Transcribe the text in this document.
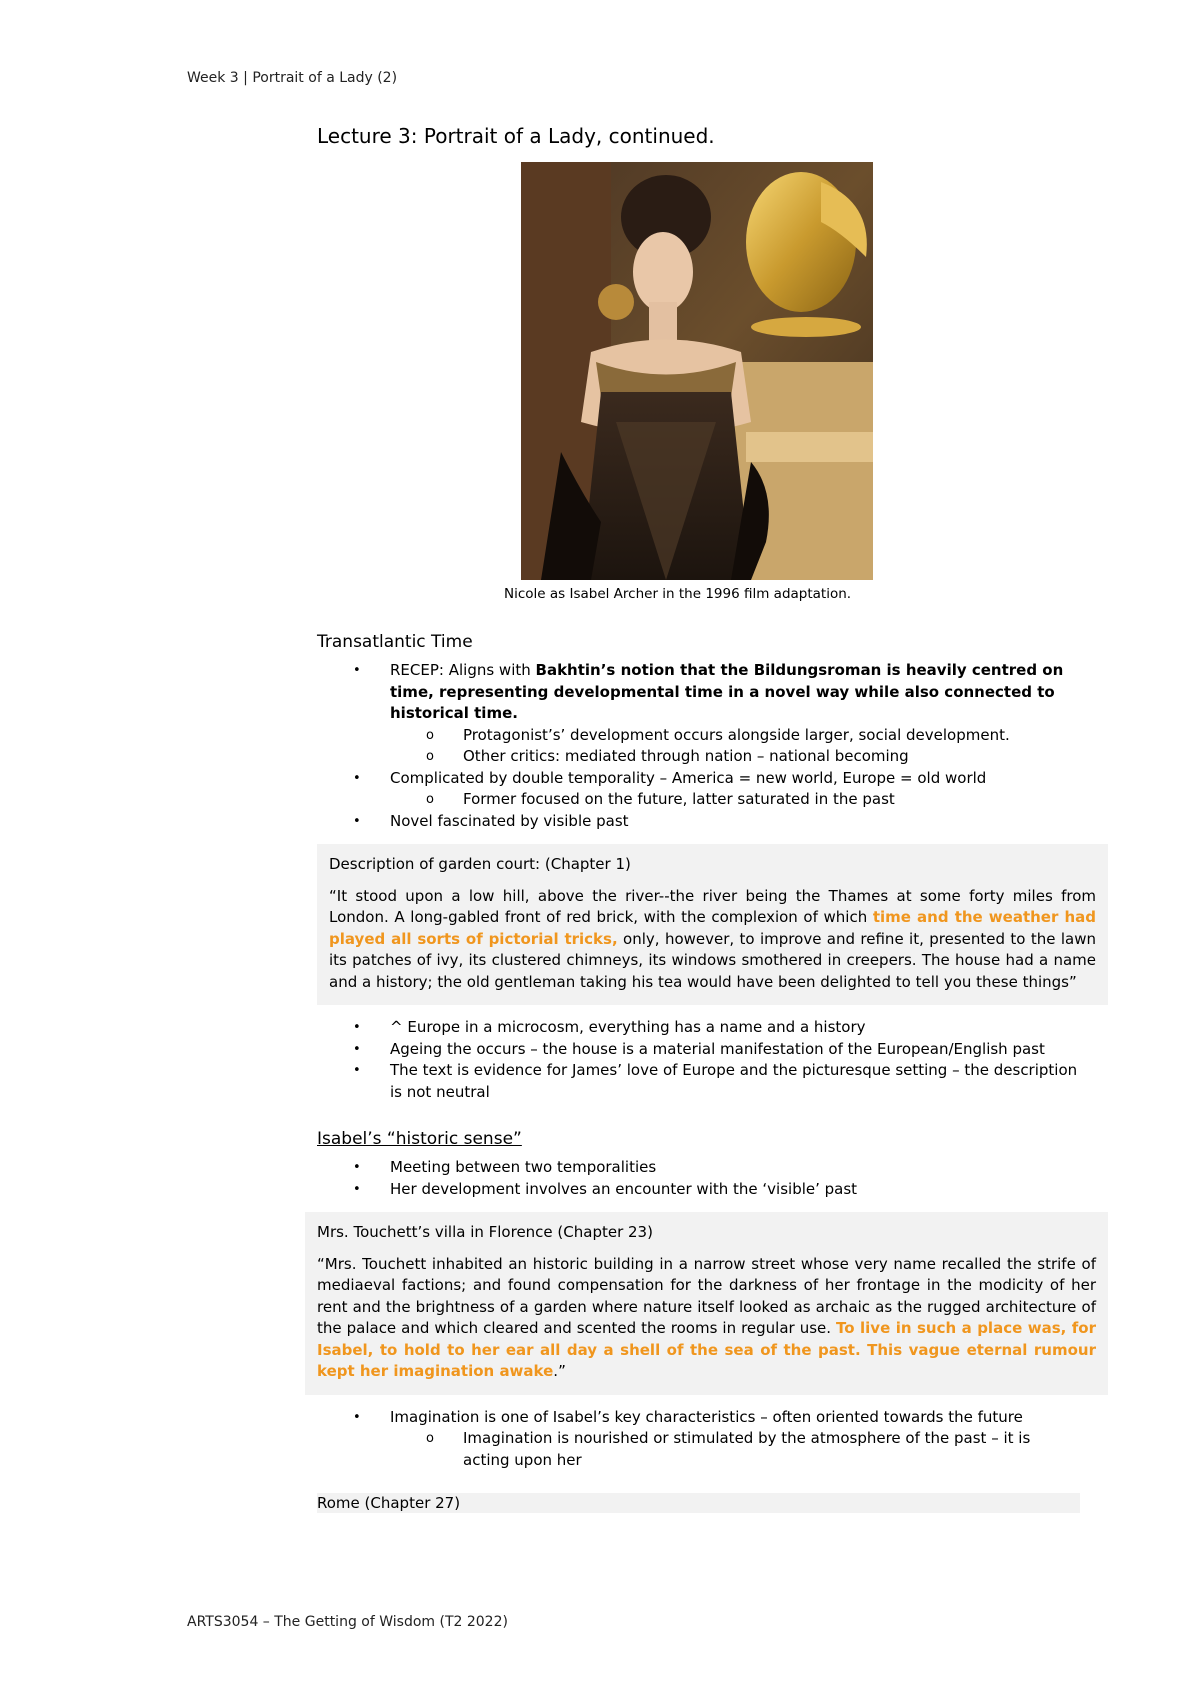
Week 3 | Portrait of a Lady (2)
Lecture 3: Portrait of a Lady, continued.
Nicole as Isabel Archer in the 1996 film adaptation.
Transatlantic Time
• RECEP: Aligns with Bakhtin’s notion that the Bildungsroman is heavily centred on time, representing developmental time in a novel way while also connected to historical time.
o Protagonist’s’ development occurs alongside larger, social development.
o Other critics: mediated through nation – national becoming
• Complicated by double temporality – America = new world, Europe = old world
o Former focused on the future, latter saturated in the past
• Novel fascinated by visible past
Description of garden court: (Chapter 1)

“It stood upon a low hill, above the river--the river being the Thames at some forty miles from London. A long-gabled front of red brick, with the complexion of which time and the weather had played all sorts of pictorial tricks, only, however, to improve and refine it, presented to the lawn its patches of ivy, its clustered chimneys, its windows smothered in creepers. The house had a name and a history; the old gentleman taking his tea would have been delighted to tell you these things”

• ^ Europe in a microcosm, everything has a name and a history
• Ageing the occurs – the house is a material manifestation of the European/English past
• The text is evidence for James’ love of Europe and the picturesque setting – the description is not neutral
Isabel’s “historic sense”
• Meeting between two temporalities
• Her development involves an encounter with the ‘visible’ past
Mrs. Touchett’s villa in Florence (Chapter 23)

“Mrs. Touchett inhabited an historic building in a narrow street whose very name recalled the strife of mediaeval factions; and found compensation for the darkness of her frontage in the modicity of her rent and the brightness of a garden where nature itself looked as archaic as the rugged architecture of the palace and which cleared and scented the rooms in regular use. To live in such a place was, for Isabel, to hold to her ear all day a shell of the sea of the past. This vague eternal rumour kept her imagination awake.”

• Imagination is one of Isabel’s key characteristics – often oriented towards the future
o Imagination is nourished or stimulated by the atmosphere of the past – it is acting upon her
Rome (Chapter 27)
ARTS3054 – The Getting of Wisdom (T2 2022)
